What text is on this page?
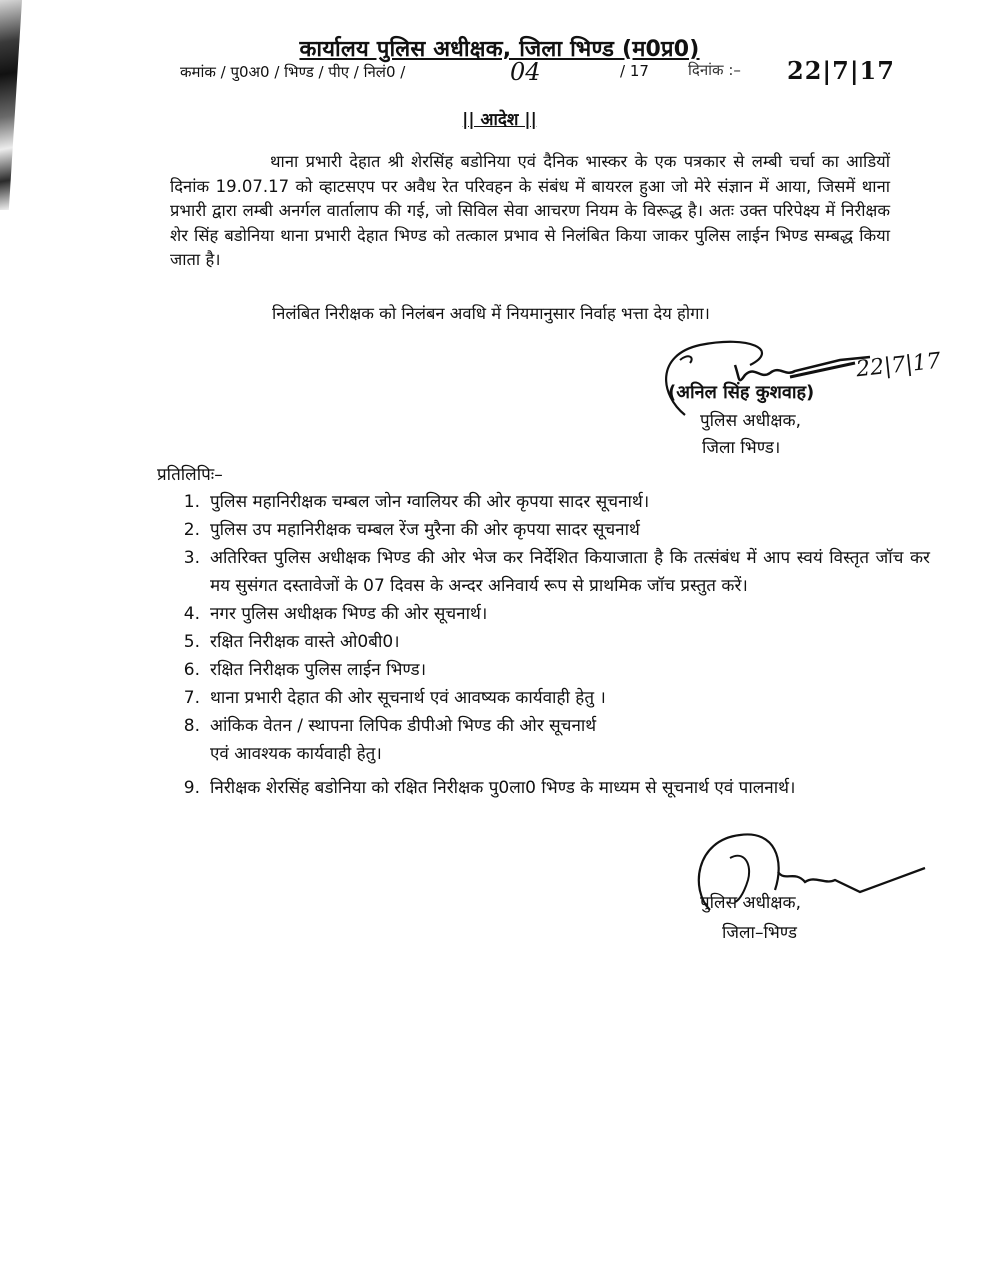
कार्यालय पुलिस अधीक्षक, जिला भिण्ड (म0प्र0)
कमांक / पु0अ0 / भिण्ड / पीए / निलं0 /	04	/ 17	दिनांक :– 22|7|17
|| आदेश ||
थाना प्रभारी देहात श्री शेरसिंह बडोनिया एवं दैनिक भास्कर के एक पत्रकार से लम्बी चर्चा का आडियों दिनांक 19.07.17 को व्हाटसएप पर अवैध रेत परिवहन के संबंध में बायरल हुआ जो मेरे संज्ञान में आया, जिसमें थाना प्रभारी द्वारा लम्बी अनर्गल वार्तालाप की गई, जो सिविल सेवा आचरण नियम के विरूद्ध है। अतः उक्त परिपेक्ष्य में निरीक्षक शेर सिंह बडोनिया थाना प्रभारी देहात भिण्ड को तत्काल प्रभाव से निलंबित किया जाकर पुलिस लाईन भिण्ड सम्बद्ध किया जाता है।
निलंबित निरीक्षक को निलंबन अवधि में नियमानुसार निर्वाह भत्ता देय होगा।
22|7|17
(अनिल सिंह कुशवाह)
पुलिस अधीक्षक,
जिला भिण्ड।
प्रतिलिपिः–
1. पुलिस महानिरीक्षक चम्बल जोन ग्वालियर की ओर कृपया सादर सूचनार्थ।
2. पुलिस उप महानिरीक्षक चम्बल रेंज मुरैना की ओर कृपया सादर सूचनार्थ
3. अतिरिक्त पुलिस अधीक्षक भिण्ड की ओर भेज कर निर्देशित कियाजाता है कि तत्संबंध में आप स्वयं विस्तृत जॉच कर मय सुसंगत दस्तावेजों के 07 दिवस के अन्दर अनिवार्य रूप से प्राथमिक जॉच प्रस्तुत करें।
4. नगर पुलिस अधीक्षक भिण्ड की ओर सूचनार्थ।
5. रक्षित निरीक्षक वास्ते ओ0बी0।
6. रक्षित निरीक्षक पुलिस लाईन भिण्ड।
7. थाना प्रभारी देहात की ओर सूचनार्थ एवं आवष्यक कार्यवाही हेतु ।
8. आंकिक वेतन / स्थापना लिपिक डीपीओ भिण्ड की ओर सूचनार्थ एवं आवश्यक कार्यवाही हेतु।
9. निरीक्षक शेरसिंह बडोनिया को रक्षित निरीक्षक पु0ला0 भिण्ड के माध्यम से सूचनार्थ एवं पालनार्थ।
पुलिस अधीक्षक,
जिला–भिण्ड
